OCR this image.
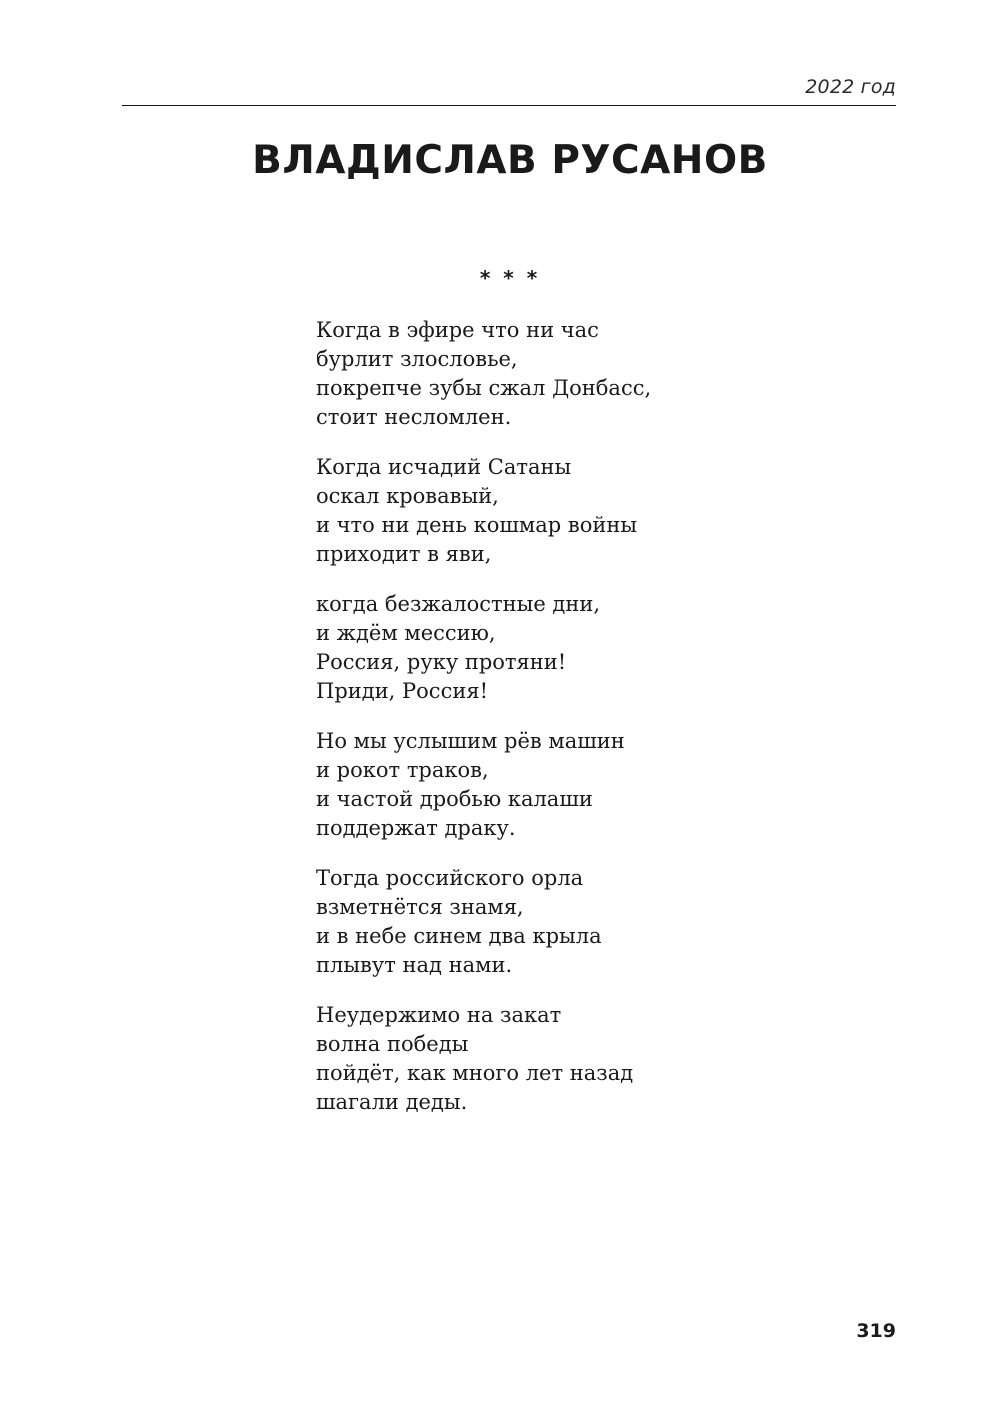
2022 год
ВЛАДИСЛАВ РУСАНОВ
* * *
Когда в эфире что ни час
бурлит злословье,
покрепче зубы сжал Донбасс,
стоит несломлен.
Когда исчадий Сатаны
оскал кровавый,
и что ни день кошмар войны
приходит в яви,
когда безжалостные дни,
и ждём мессию,
Россия, руку протяни!
Приди, Россия!
Но мы услышим рёв машин
и рокот траков,
и частой дробью калаши
поддержат драку.
Тогда российского орла
взметнётся знамя,
и в небе синем два крыла
плывут над нами.
Неудержимо на закат
волна победы
пойдёт, как много лет назад
шагали деды.
319
